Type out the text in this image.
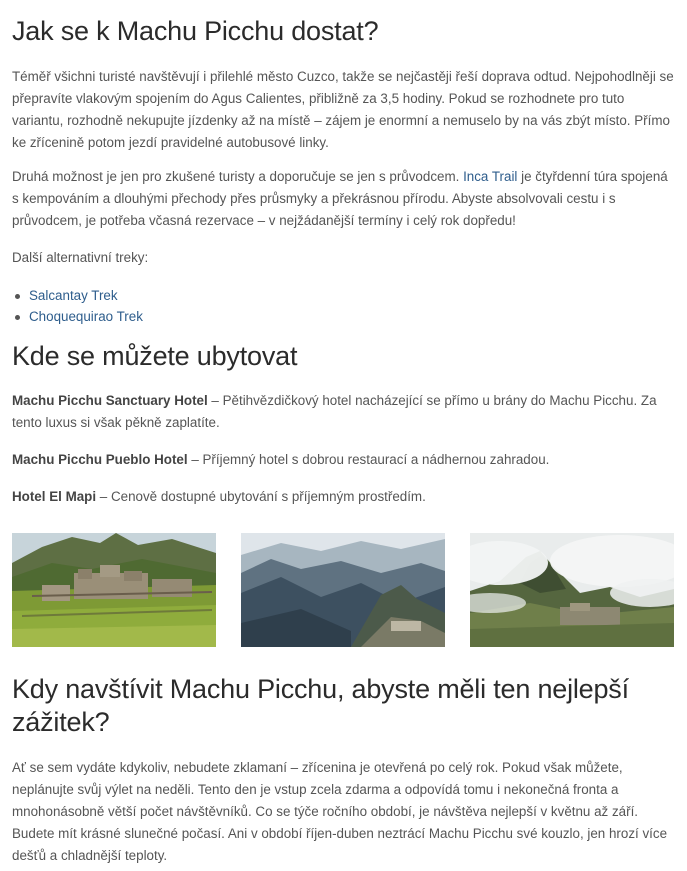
Jak se k Machu Picchu dostat?

Téměř všichni turisté navštěvují i přilehlé město Cuzco, takže se nejčastěji řeší doprava odtud. Nejpohodlněji se přepravíte vlakovým spojením do Agus Calientes, přibližně za 3,5 hodiny. Pokud se rozhodnete pro tuto variantu, rozhodně nekupujte jízdenky až na místě – zájem je enormní a nemuselo by na vás zbýt místo. Přímo ke zřícenině potom jezdí pravidelné autobusové linky.

Druhá možnost je jen pro zkušené turisty a doporučuje se jen s průvodcem. Inca Trail je čtyřdenní túra spojená s kempováním a dlouhými přechody přes průsmyky a překrásnou přírodu. Abyste absolvovali cestu i s průvodcem, je potřeba včasná rezervace – v nejžádanější termíny i celý rok dopředu!

Další alternativní treky:

Salcantay Trek
Choquequirao Trek
Kde se můžete ubytovat

Machu Picchu Sanctuary Hotel – Pětihvězdičkový hotel nacházející se přímo u brány do Machu Picchu. Za tento luxus si však pěkně zaplatíte.

Machu Picchu Pueblo Hotel – Příjemný hotel s dobrou restaurací a nádhernou zahradou.

Hotel El Mapi – Cenově dostupné ubytování s příjemným prostředím.

Kdy navštívit Machu Picchu, abyste měli ten nejlepší zážitek?

Ať se sem vydáte kdykoliv, nebudete zklamaní – zřícenina je otevřená po celý rok. Pokud však můžete, neplánujte svůj výlet na neděli. Tento den je vstup zcela zdarma a odpovídá tomu i nekonečná fronta a mnohonásobně větší počet návštěvníků. Co se týče ročního období, je návštěva nejlepší v květnu až září. Budete mít krásné slunečné počasí. Ani v období říjen-duben neztrácí Machu Picchu své kouzlo, jen hrozí více dešťů a chladnější teploty.
